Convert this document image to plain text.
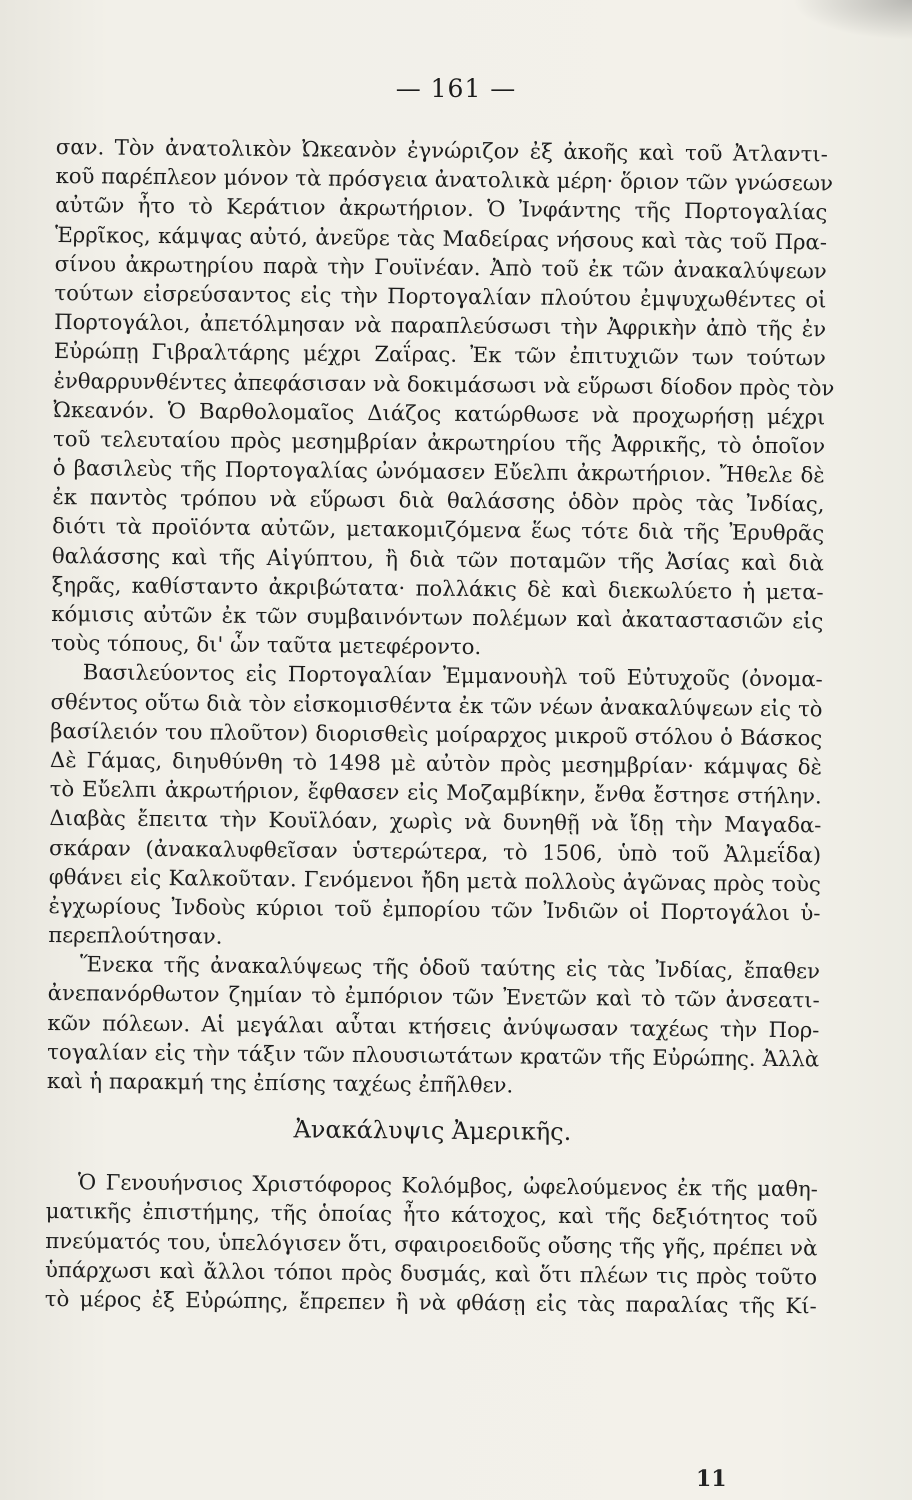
— 161 —
σαν. Τὸν ἀνατολικὸν Ὠκεανὸν ἐγνώριζον ἐξ ἀκοῆς καὶ τοῦ Ἀτλαντι-
κοῦ παρέπλεον μόνον τὰ πρόσγεια ἀνατολικὰ μέρη· ὅριον τῶν γνώσεων
αὐτῶν ἦτο τὸ Κεράτιον ἀκρωτήριον. Ὁ Ἰνφάντης τῆς Πορτογαλίας
Ἑρρῖκος, κάμψας αὐτό, ἀνεῦρε τὰς Μαδείρας νήσους καὶ τὰς τοῦ Πρα-
σίνου ἀκρωτηρίου παρὰ τὴν Γουϊνέαν. Ἀπὸ τοῦ ἐκ τῶν ἀνακαλύψεων
τούτων εἰσρεύσαντος εἰς τὴν Πορτογαλίαν πλούτου ἐμψυχωθέντες οἱ
Πορτογάλοι, ἀπετόλμησαν νὰ παραπλεύσωσι τὴν Ἀφρικὴν ἀπὸ τῆς ἐν
Εὐρώπῃ Γιβραλτάρης μέχρι Ζαΐρας. Ἐκ τῶν ἐπιτυχιῶν των τούτων
ἐνθαρρυνθέντες ἀπεφάσισαν νὰ δοκιμάσωσι νὰ εὕρωσι δίοδον πρὸς τὸν
Ὠκεανόν. Ὁ Βαρθολομαῖος Διάζος κατώρθωσε νὰ προχωρήσῃ μέχρι
τοῦ τελευταίου πρὸς μεσημβρίαν ἀκρωτηρίου τῆς Ἀφρικῆς, τὸ ὁποῖον
ὁ βασιλεὺς τῆς Πορτογαλίας ὠνόμασεν Εὔελπι ἀκρωτήριον. Ἤθελε δὲ
ἐκ παντὸς τρόπου νὰ εὕρωσι διὰ θαλάσσης ὁδὸν πρὸς τὰς Ἰνδίας,
διότι τὰ προϊόντα αὐτῶν, μετακομιζόμενα ἕως τότε διὰ τῆς Ἐρυθρᾶς
θαλάσσης καὶ τῆς Αἰγύπτου, ἢ διὰ τῶν ποταμῶν τῆς Ἀσίας καὶ διὰ
ξηρᾶς, καθίσταντο ἀκριβώτατα· πολλάκις δὲ καὶ διεκωλύετο ἡ μετα-
κόμισις αὐτῶν ἐκ τῶν συμβαινόντων πολέμων καὶ ἀκαταστασιῶν εἰς
τοὺς τόπους, δι' ὧν ταῦτα μετεφέροντο.
Βασιλεύοντος εἰς Πορτογαλίαν Ἐμμανουὴλ τοῦ Εὐτυχοῦς (ὀνομα-
σθέντος οὕτω διὰ τὸν εἰσκομισθέντα ἐκ τῶν νέων ἀνακαλύψεων εἰς τὸ
βασίλειόν του πλοῦτον) διορισθεὶς μοίραρχος μικροῦ στόλου ὁ Βάσκος
Δὲ Γάμας, διηυθύνθη τὸ 1498 μὲ αὐτὸν πρὸς μεσημβρίαν· κάμψας δὲ
τὸ Εὔελπι ἀκρωτήριον, ἔφθασεν εἰς Μοζαμβίκην, ἔνθα ἔστησε στήλην.
Διαβὰς ἔπειτα τὴν Κουϊλόαν, χωρὶς νὰ δυνηθῇ νὰ ἴδῃ τὴν Μαγαδα-
σκάραν (ἀνακαλυφθεῖσαν ὑστερώτερα, τὸ 1506, ὑπὸ τοῦ Ἀλμεΐδα)
φθάνει εἰς Καλκοῦταν. Γενόμενοι ἤδη μετὰ πολλοὺς ἀγῶνας πρὸς τοὺς
ἐγχωρίους Ἰνδοὺς κύριοι τοῦ ἐμπορίου τῶν Ἰνδιῶν οἱ Πορτογάλοι ὑ-
περεπλούτησαν.
Ἕνεκα τῆς ἀνακαλύψεως τῆς ὁδοῦ ταύτης εἰς τὰς Ἰνδίας, ἔπαθεν
ἀνεπανόρθωτον ζημίαν τὸ ἐμπόριον τῶν Ἐνετῶν καὶ τὸ τῶν ἀνσεατι-
κῶν πόλεων. Αἱ μεγάλαι αὗται κτήσεις ἀνύψωσαν ταχέως τὴν Πορ-
τογαλίαν εἰς τὴν τάξιν τῶν πλουσιωτάτων κρατῶν τῆς Εὐρώπης. Ἀλλὰ
καὶ ἡ παρακμή της ἐπίσης ταχέως ἐπῆλθεν.
Ἀνακάλυψις Ἀμερικῆς.
Ὁ Γενουήνσιος Χριστόφορος Κολόμβος, ὠφελούμενος ἐκ τῆς μαθη-
ματικῆς ἐπιστήμης, τῆς ὁποίας ἦτο κάτοχος, καὶ τῆς δεξιότητος τοῦ
πνεύματός του, ὑπελόγισεν ὅτι, σφαιροειδοῦς οὔσης τῆς γῆς, πρέπει νὰ
ὑπάρχωσι καὶ ἄλλοι τόποι πρὸς δυσμάς, καὶ ὅτι πλέων τις πρὸς τοῦτο
τὸ μέρος ἐξ Εὐρώπης, ἔπρεπεν ἢ νὰ φθάσῃ εἰς τὰς παραλίας τῆς Κί-
11
